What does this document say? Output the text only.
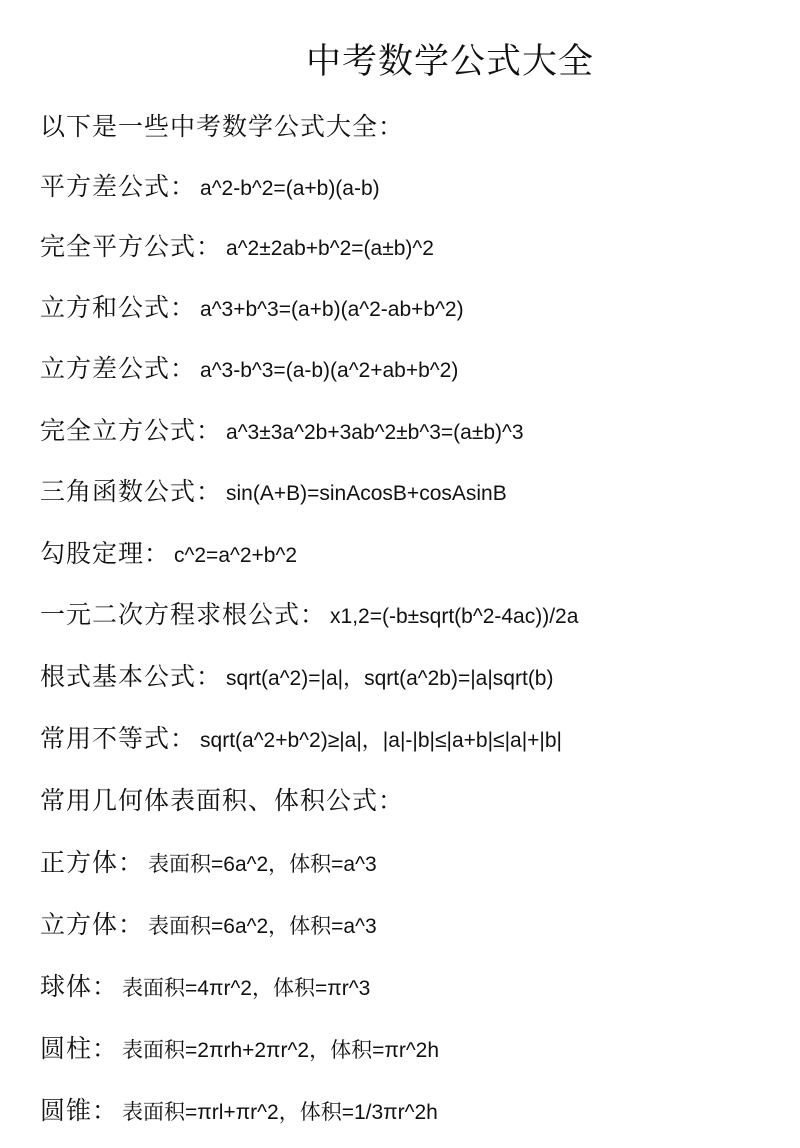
中考数学公式大全
以下是一些中考数学公式大全：
平方差公式： a^2-b^2=(a+b)(a-b)
完全平方公式： a^2±2ab+b^2=(a±b)^2
立方和公式： a^3+b^3=(a+b)(a^2-ab+b^2)
立方差公式： a^3-b^3=(a-b)(a^2+ab+b^2)
完全立方公式： a^3±3a^2b+3ab^2±b^3=(a±b)^3
三角函数公式： sin(A+B)=sinAcosB+cosAsinB
勾股定理： c^2=a^2+b^2
一元二次方程求根公式： x1,2=(-b±sqrt(b^2-4ac))/2a
根式基本公式： sqrt(a^2)=|a|，sqrt(a^2b)=|a|sqrt(b)
常用不等式： sqrt(a^2+b^2)≥|a|，|a|-|b|≤|a+b|≤|a|+|b|
常用几何体表面积、体积公式：
正方体： 表面积=6a^2，体积=a^3
立方体： 表面积=6a^2，体积=a^3
球体： 表面积=4πr^2，体积=πr^3
圆柱： 表面积=2πrh+2πr^2，体积=πr^2h
圆锥： 表面积=πrl+πr^2，体积=1/3πr^2h
